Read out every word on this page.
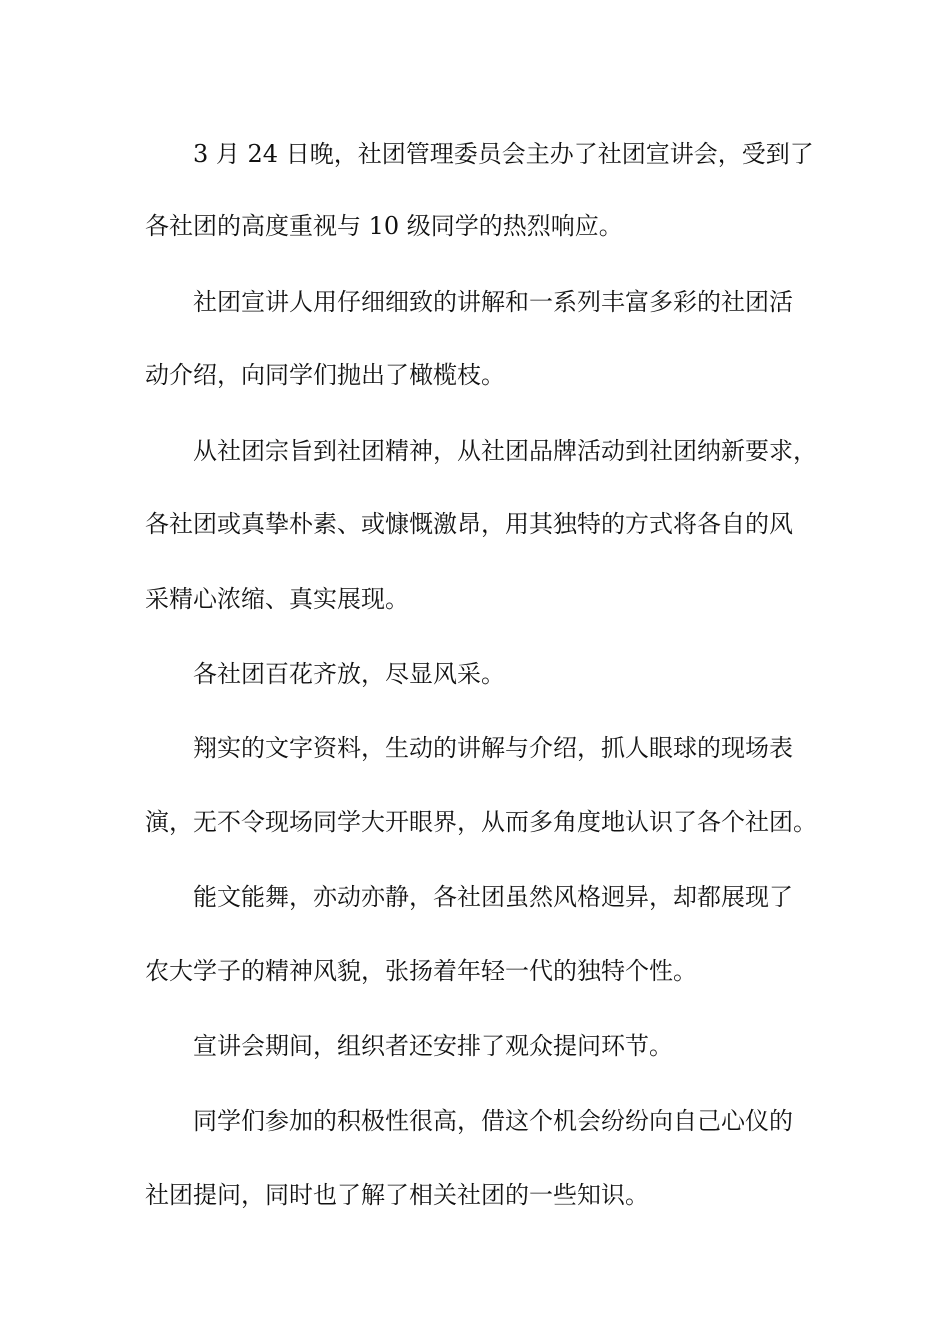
3 月 24 日晚，社团管理委员会主办了社团宣讲会，受到了
各社团的高度重视与 10 级同学的热烈响应。
社团宣讲人用仔细细致的讲解和一系列丰富多彩的社团活
动介绍，向同学们抛出了橄榄枝。
从社团宗旨到社团精神，从社团品牌活动到社团纳新要求，
各社团或真挚朴素、或慷慨激昂，用其独特的方式将各自的风
采精心浓缩、真实展现。
各社团百花齐放，尽显风采。
翔实的文字资料，生动的讲解与介绍，抓人眼球的现场表
演，无不令现场同学大开眼界，从而多角度地认识了各个社团。
能文能舞，亦动亦静，各社团虽然风格迥异，却都展现了
农大学子的精神风貌，张扬着年轻一代的独特个性。
宣讲会期间，组织者还安排了观众提问环节。
同学们参加的积极性很高，借这个机会纷纷向自己心仪的
社团提问，同时也了解了相关社团的一些知识。
